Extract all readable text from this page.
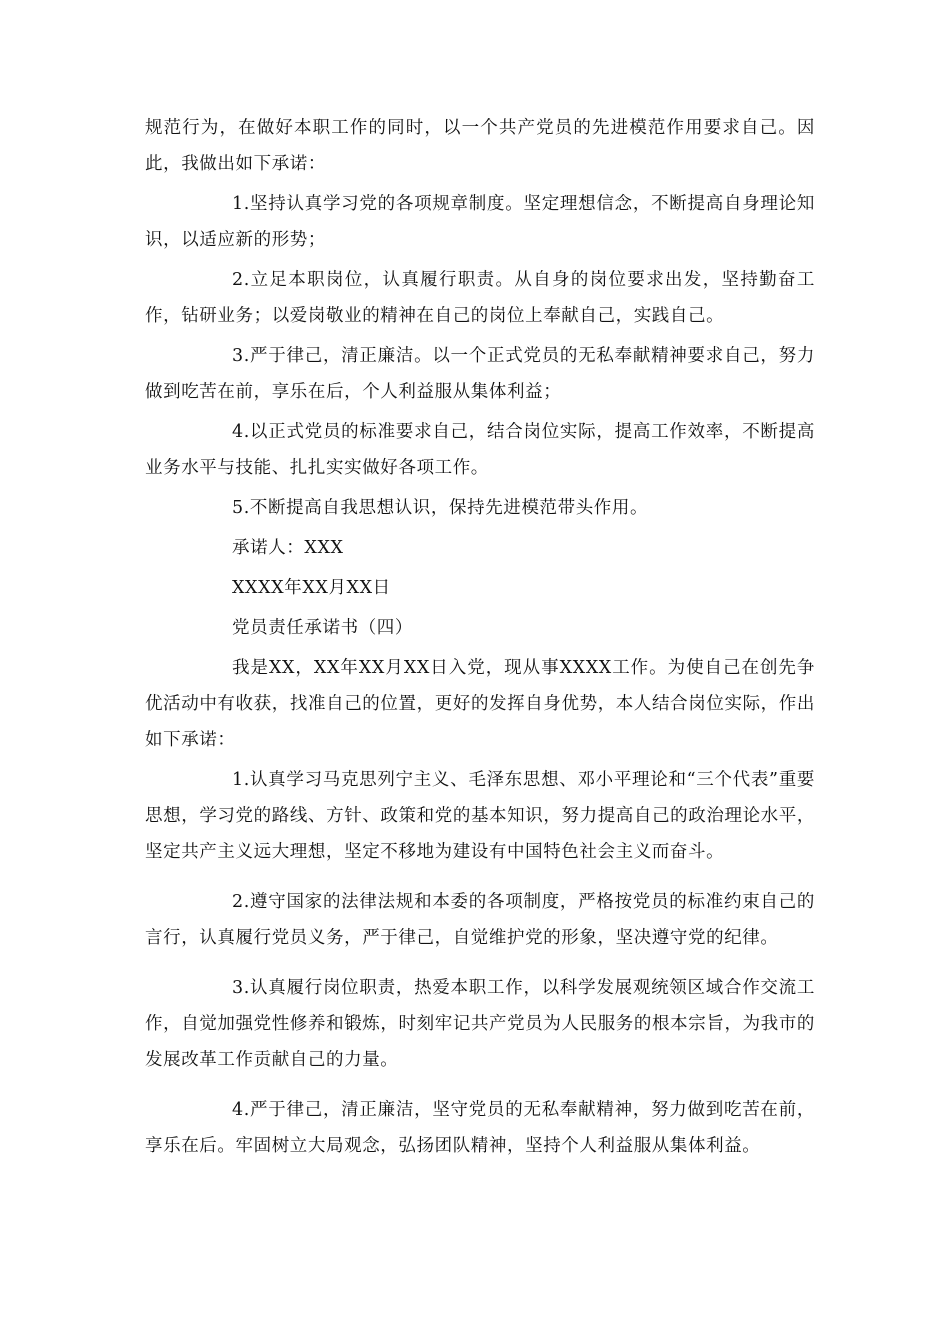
规范行为，在做好本职工作的同时，以一个共产党员的先进模范作用要求自己。因此，我做出如下承诺：

1.坚持认真学习党的各项规章制度。坚定理想信念，不断提高自身理论知识，以适应新的形势；

2.立足本职岗位，认真履行职责。从自身的岗位要求出发，坚持勤奋工作，钻研业务；以爱岗敬业的精神在自己的岗位上奉献自己，实践自己。

3.严于律己，清正廉洁。以一个正式党员的无私奉献精神要求自己，努力做到吃苦在前，享乐在后，个人利益服从集体利益；

4.以正式党员的标准要求自己，结合岗位实际，提高工作效率，不断提高业务水平与技能、扎扎实实做好各项工作。

5.不断提高自我思想认识，保持先进模范带头作用。

承诺人：XXX

XXXX年XX月XX日

党员责任承诺书（四）

我是XX，XX年XX月XX日入党，现从事XXXX工作。为使自己在创先争优活动中有收获，找准自己的位置，更好的发挥自身优势，本人结合岗位实际，作出如下承诺：

1.认真学习马克思列宁主义、毛泽东思想、邓小平理论和“三个代表”重要思想，学习党的路线、方针、政策和党的基本知识，努力提高自己的政治理论水平，坚定共产主义远大理想，坚定不移地为建设有中国特色社会主义而奋斗。

2.遵守国家的法律法规和本委的各项制度，严格按党员的标准约束自己的言行，认真履行党员义务，严于律己，自觉维护党的形象，坚决遵守党的纪律。

3.认真履行岗位职责，热爱本职工作，以科学发展观统领区域合作交流工作，自觉加强党性修养和锻炼，时刻牢记共产党员为人民服务的根本宗旨，为我市的发展改革工作贡献自己的力量。

4.严于律己，清正廉洁，坚守党员的无私奉献精神，努力做到吃苦在前，享乐在后。牢固树立大局观念，弘扬团队精神，坚持个人利益服从集体利益。
